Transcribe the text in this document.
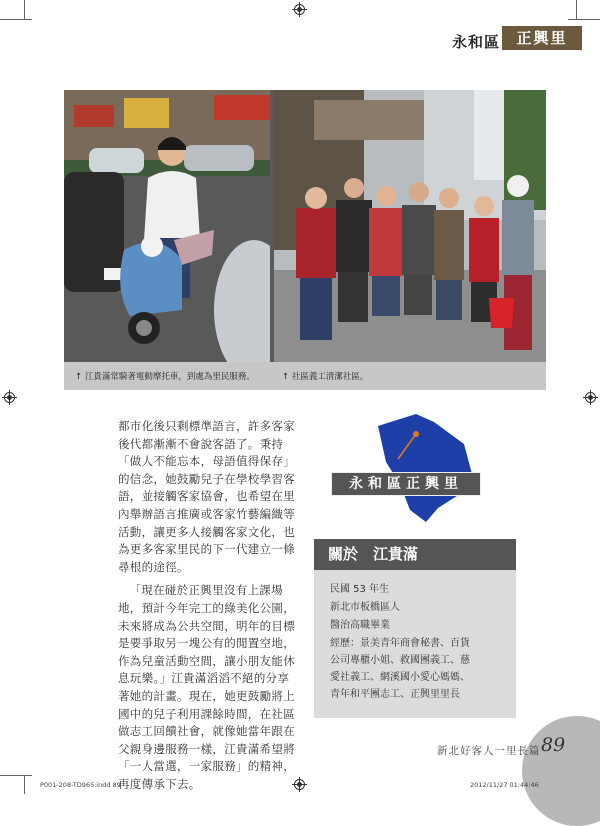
永和區	正興里
↑ 江貴滿常騎著電動摩托車，到處為里民服務。	↑ 社區義工清潔社區。

都市化後只剩標準語言，許多客家後代都漸漸不會說客語了。秉持「做人不能忘本，母語值得保存」的信念，她鼓勵兒子在學校學習客語，並接觸客家協會，也希望在里內舉辦語言推廣或客家竹藝編織等活動，讓更多人接觸客家文化，也為更多客家里民的下一代建立一條尋根的途徑。

「現在碰於正興里沒有上課場地，預計今年完工的綠美化公園，未來將成為公共空間，明年的目標是要爭取另一塊公有的閒置空地，作為兒童活動空間，讓小朋友能休息玩樂。」江貴滿滔滔不絕的分享著她的計畫。現在，她更鼓勵將上國中的兒子利用課餘時間，在社區做志工回饋社會，就像她當年跟在父親身邊服務一樣，江貴滿希望將「一人當選，一家服務」的精神，再度傳承下去。

永和區正興里
關於　江貴滿
民國 53 年生
新北市板橋區人
醫治高職畢業
經歷：景美青年商會秘書、百貨
公司專櫃小姐、救國團義工、慈
愛社義工、網溪國小愛心媽媽、
青年和平團志工、正興里里長
新北好客人一里長篇 89
P001-208-TD965.indd 89	2012/11/27 01:44:46
